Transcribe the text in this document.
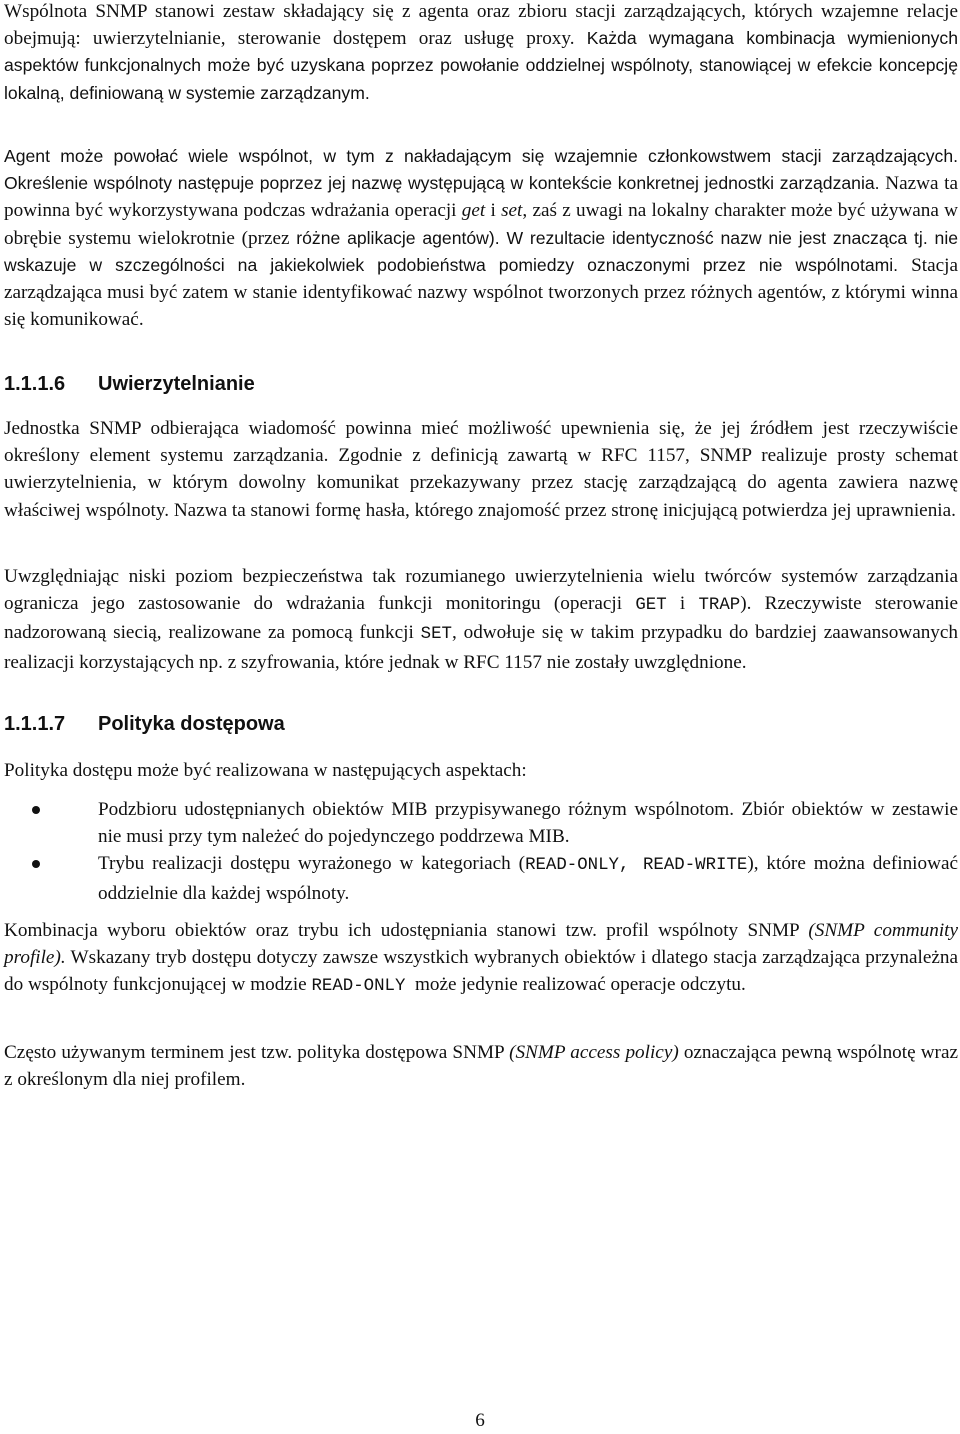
Wspólnota SNMP stanowi zestaw składający się z agenta oraz zbioru stacji zarządzających, których wzajemne relacje obejmują: uwierzytelnianie, sterowanie dostępem oraz usługę proxy. Każda wymagana kombinacja wymienionych aspektów funkcjonalnych może być uzyskana poprzez powołanie oddzielnej wspólnoty, stanowiącej w efekcie koncepcję lokalną, definiowaną w systemie zarządzanym.

Agent może powołać wiele wspólnot, w tym z nakładającym się wzajemnie członkowstwem stacji zarządzających. Określenie wspólnoty następuje poprzez jej nazwę występującą w kontekście konkretnej jednostki zarządzania. Nazwa ta powinna być wykorzystywana podczas wdrażania operacji get i set, zaś z uwagi na lokalny charakter może być używana w obrębie systemu wielokrotnie (przez różne aplikacje agentów). W rezultacie identyczność nazw nie jest znacząca tj. nie wskazuje w szczególności na jakiekolwiek podobieństwa pomiedzy oznaczonymi przez nie wspólnotami. Stacja zarządzająca musi być zatem w stanie identyfikować nazwy wspólnot tworzonych przez różnych agentów, z którymi winna się komunikować.

1.1.1.6 Uwierzytelnianie

Jednostka SNMP odbierająca wiadomość powinna mieć możliwość upewnienia się, że jej źródłem jest rzeczywiście określony element systemu zarządzania. Zgodnie z definicją zawartą w RFC 1157, SNMP realizuje prosty schemat uwierzytelnienia, w którym dowolny komunikat przekazywany przez stację zarządzającą do agenta zawiera nazwę właściwej wspólnoty. Nazwa ta stanowi formę hasła, którego znajomość przez stronę inicjującą potwierdza jej uprawnienia.

Uwzględniając niski poziom bezpieczeństwa tak rozumianego uwierzytelnienia wielu twórców systemów zarządzania ogranicza jego zastosowanie do wdrażania funkcji monitoringu (operacji GET i TRAP). Rzeczywiste sterowanie nadzorowaną siecią, realizowane za pomocą funkcji SET, odwołuje się w takim przypadku do bardziej zaawansowanych realizacji korzystających np. z szyfrowania, które jednak w RFC 1157 nie zostały uwzględnione.

1.1.1.7 Polityka dostępowa

Polityka dostępu może być realizowana w następujących aspektach:

Podzbioru udostępnianych obiektów MIB przypisywanego różnym wspólnotom. Zbiór obiektów w zestawie nie musi przy tym należeć do pojedynczego poddrzewa MIB.
Trybu realizacji dostępu wyrażonego w kategoriach (READ-ONLY, READ-WRITE), które można definiować oddzielnie dla każdej wspólnoty.

Kombinacja wyboru obiektów oraz trybu ich udostępniania stanowi tzw. profil wspólnoty SNMP (SNMP community profile). Wskazany tryb dostępu dotyczy zawsze wszystkich wybranych obiektów i dlatego stacja zarządzająca przynależna do wspólnoty funkcjonującej w modzie READ-ONLY  może jedynie realizować operacje odczytu.

Często używanym terminem jest tzw. polityka dostępowa SNMP (SNMP access policy) oznaczająca pewną wspólnotę wraz z określonym dla niej profilem.

6
